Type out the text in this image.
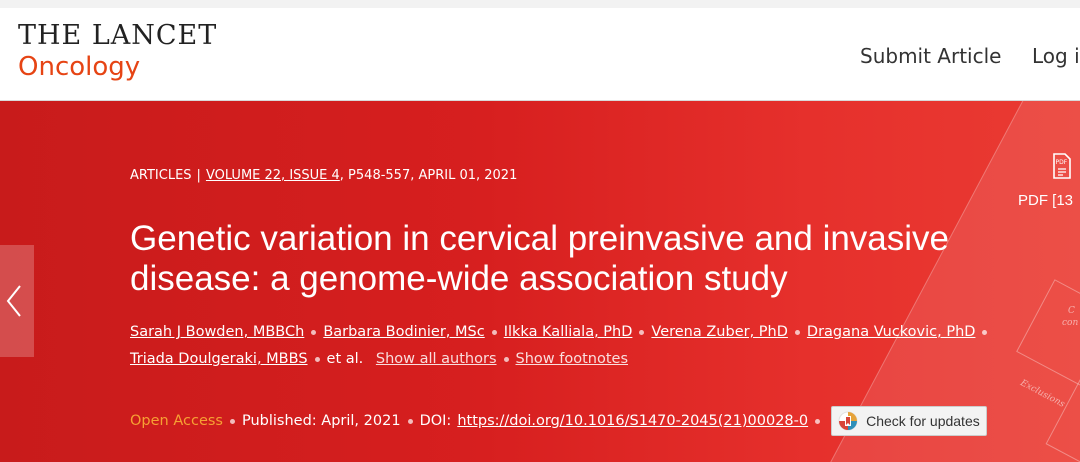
THE LANCET
Oncology	Submit Article Log i
C
con
Exclusions
ARTICLES | VOLUME 22, ISSUE 4, P548-557, APRIL 01, 2021
Genetic variation in cervical preinvasive and invasive disease: a genome-wide association study
Sarah J Bowden, MBBCh Barbara Bodinier, MSc Ilkka Kalliala, PhD Verena Zuber, PhD Dragana Vuckovic, PhD
Triada Doulgeraki, MBBS et al. Show all authors Show footnotes
Open Access Published: April, 2021 DOI: https://doi.org/10.1016/S1470-2045(21)00028-0	Check for updates
PDF
PDF [13
